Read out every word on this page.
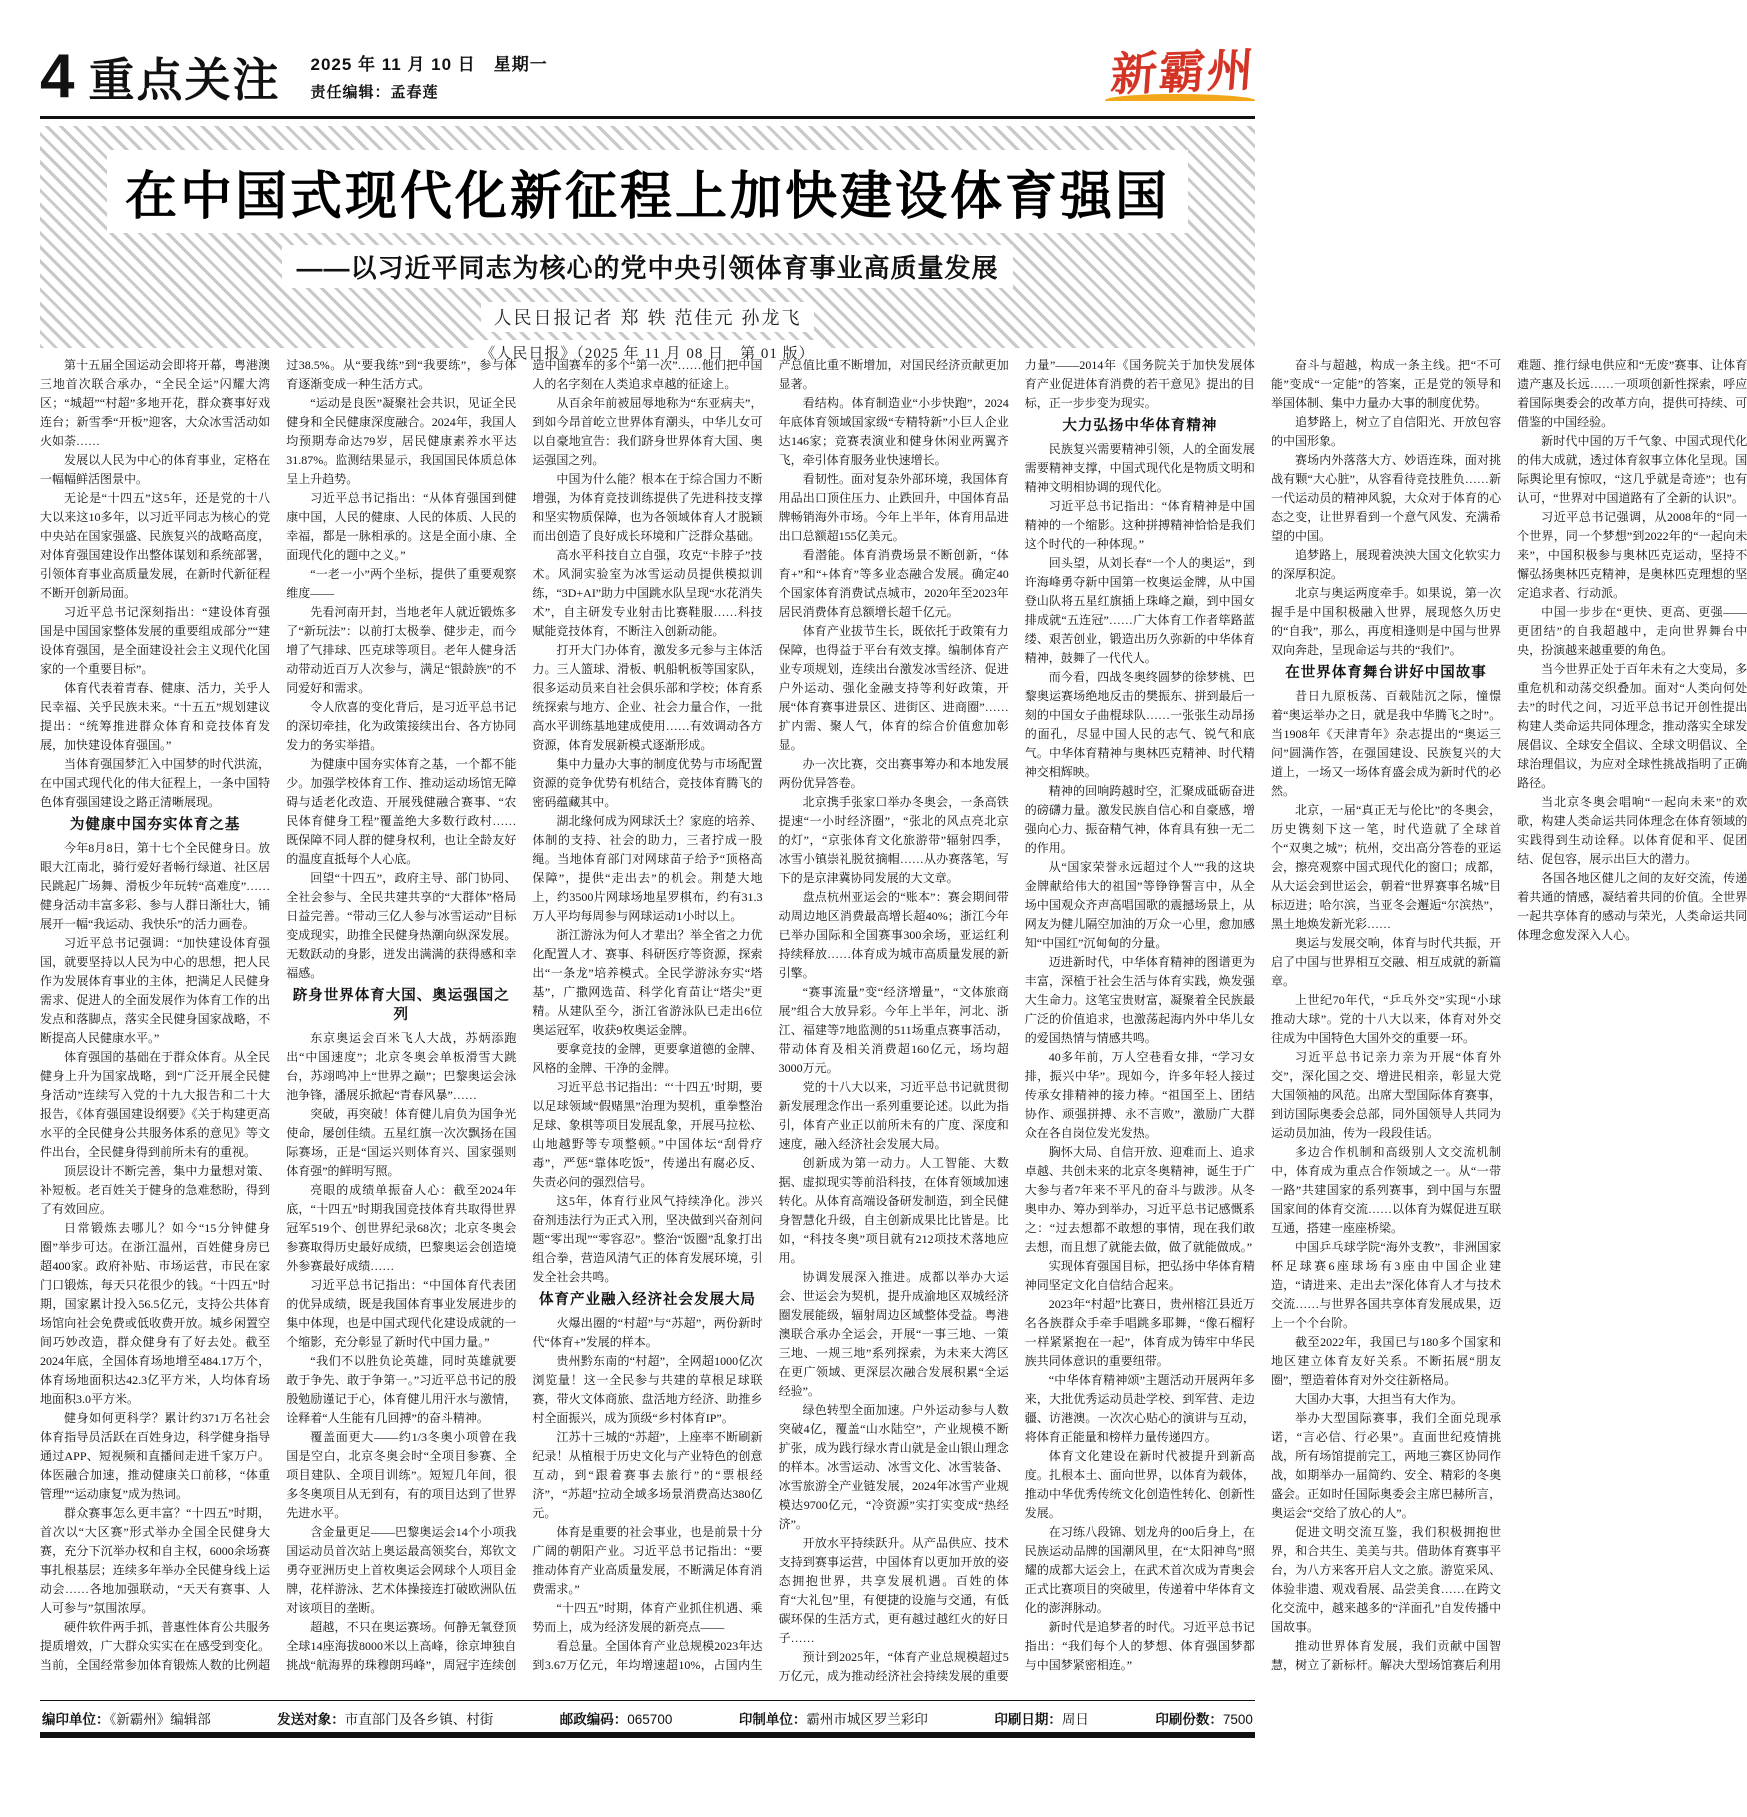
4 重点关注 2025 年 11 月 10 日　星期一
责任编辑：孟春莲	新霸州
在中国式现代化新征程上加快建设体育强国
——以习近平同志为核心的党中央引领体育事业高质量发展
人民日报记者 郑 轶 范佳元 孙龙飞
《人民日报》（2025 年 11 月 08 日　第 01 版）

第十五届全国运动会即将开幕，粤港澳三地首次联合承办，“全民全运”闪耀大湾区；“城超”“村超”多地开花，群众赛事好戏连台；新雪季“开板”迎客，大众冰雪活动如火如荼……

发展以人民为中心的体育事业，定格在一幅幅鲜活图景中。

无论是“十四五”这5年，还是党的十八大以来这10多年，以习近平同志为核心的党中央站在国家强盛、民族复兴的战略高度，对体育强国建设作出整体谋划和系统部署，引领体育事业高质量发展，在新时代新征程不断开创新局面。

习近平总书记深刻指出：“建设体育强国是中国国家整体发展的重要组成部分”“建设体育强国，是全面建设社会主义现代化国家的一个重要目标”。

体育代表着青春、健康、活力，关乎人民幸福、关乎民族未来。“十五五”规划建议提出：“统筹推进群众体育和竞技体育发展，加快建设体育强国。”

当体育强国梦汇入中国梦的时代洪流，在中国式现代化的伟大征程上，一条中国特色体育强国建设之路正清晰展现。

为健康中国夯实体育之基

今年8月8日，第十七个全民健身日。放眼大江南北，骑行爱好者畅行绿道、社区居民跳起广场舞、滑板少年玩转“高难度”……健身活动丰富多彩、参与人群日渐壮大，铺展开一幅“我运动、我快乐”的活力画卷。

习近平总书记强调：“加快建设体育强国，就要坚持以人民为中心的思想，把人民作为发展体育事业的主体，把满足人民健身需求、促进人的全面发展作为体育工作的出发点和落脚点，落实全民健身国家战略，不断提高人民健康水平。”

体育强国的基础在于群众体育。从全民健身上升为国家战略，到“广泛开展全民健身活动”连续写入党的十九大报告和二十大报告，《体育强国建设纲要》《关于构建更高水平的全民健身公共服务体系的意见》等文件出台，全民健身得到前所未有的重视。

顶层设计不断完善，集中力量想对策、补短板。老百姓关于健身的急难愁盼，得到了有效回应。

日常锻炼去哪儿？如今“15分钟健身圈”举步可达。在浙江温州，百姓健身房已超400家。政府补贴、市场运营，市民在家门口锻炼，每天只花很少的钱。“十四五”时期，国家累计投入56.5亿元，支持公共体育场馆向社会免费或低收费开放。城乡闲置空间巧妙改造，群众健身有了好去处。截至2024年底，全国体育场地增至484.17万个，体育场地面积达42.3亿平方米，人均体育场地面积3.0平方米。

健身如何更科学？累计约371万名社会体育指导员活跃在百姓身边，科学健身指导通过APP、短视频和直播间走进千家万户。体医融合加速，推动健康关口前移，“体重管理”“运动康复”成为热词。

群众赛事怎么更丰富？“十四五”时期，首次以“大区赛”形式举办全国全民健身大赛，充分下沉举办权和自主权，6000余场赛事扎根基层；连续多年举办全民健身线上运动会……各地加强联动，“天天有赛事、人人可参与”氛围浓厚。

硬件软件两手抓，普惠性体育公共服务提质增效，广大群众实实在在感受到变化。当前，全国经常参加体育锻炼人数的比例超过38.5%。从“要我练”到“我要练”，参与体育逐渐变成一种生活方式。

“运动是良医”凝聚社会共识，见证全民健身和全民健康深度融合。2024年，我国人均预期寿命达79岁，居民健康素养水平达31.87%。监测结果显示，我国国民体质总体呈上升趋势。

习近平总书记指出：“从体育强国到健康中国，人民的健康、人民的体质、人民的幸福，都是一脉相承的。这是全面小康、全面现代化的题中之义。”

“一老一小”两个坐标，提供了重要观察维度——

先看河南开封，当地老年人就近锻炼多了“新玩法”：以前打太极拳、健步走，而今增了气排球、匹克球等项目。老年人健身活动带动近百万人次参与，满足“银龄族”的不同爱好和需求。

令人欣喜的变化背后，是习近平总书记的深切牵挂，化为政策接续出台、各方协同发力的务实举措。

为健康中国夯实体育之基，一个都不能少。加强学校体育工作、推动运动场馆无障碍与适老化改造、开展残健融合赛事、“农民体育健身工程”覆盖绝大多数行政村……既保障不同人群的健身权利，也让全龄友好的温度直抵每个人心底。

回望“十四五”，政府主导、部门协同、全社会参与、全民共建共享的“大群体”格局日益完善。“带动三亿人参与冰雪运动”目标变成现实，助推全民健身热潮向纵深发展。无数跃动的身影，迸发出满满的获得感和幸福感。

跻身世界体育大国、奥运强国之列

东京奥运会百米飞人大战，苏炳添跑出“中国速度”；北京冬奥会单板滑雪大跳台，苏翊鸣冲上“世界之巅”；巴黎奥运会泳池争锋，潘展乐掀起“青春风暴”……

突破，再突破！体育健儿肩负为国争光使命，屡创佳绩。五星红旗一次次飘扬在国际赛场，正是“国运兴则体育兴、国家强则体育强”的鲜明写照。

亮眼的成绩单振奋人心：截至2024年底，“十四五”时期我国竞技体育共取得世界冠军519个、创世界纪录68次；北京冬奥会参赛取得历史最好成绩，巴黎奥运会创造境外参赛最好成绩……

习近平总书记指出：“中国体育代表团的优异成绩，既是我国体育事业发展进步的集中体现，也是中国式现代化建设成就的一个缩影，充分彰显了新时代中国力量。”

“我们不以胜负论英雄，同时英雄就要敢于争先、敢于争第一。”习近平总书记的殷殷勉励谨记于心，体育健儿用汗水与激情，诠释着“人生能有几回搏”的奋斗精神。

覆盖面更大——约1/3冬奥小项曾在我国是空白，北京冬奥会时“全项目参赛、全项目建队、全项目训练”。短短几年间，很多冬奥项目从无到有，有的项目达到了世界先进水平。

含金量更足——巴黎奥运会14个小项我国运动员首次站上奥运最高领奖台，郑钦文勇夺亚洲历史上首枚奥运会网球个人项目金牌，花样游泳、艺术体操接连打破欧洲队伍对该项目的垄断。

超越，不只在奥运赛场。何静无氧登顶全球14座海拔8000米以上高峰，徐京坤独自挑战“航海界的珠穆朗玛峰”，周冠宇连续创造中国赛车的多个“第一次”……他们把中国人的名字刻在人类追求卓越的征途上。

从百余年前被屈辱地称为“东亚病夫”，到如今昂首屹立世界体育潮头，中华儿女可以自豪地宣告：我们跻身世界体育大国、奥运强国之列。

中国为什么能？根本在于综合国力不断增强，为体育竞技训练提供了先进科技支撑和坚实物质保障，也为各领域体育人才脱颖而出创造了良好成长环境和广泛群众基础。

高水平科技自立自强，攻克“卡脖子”技术。风洞实验室为冰雪运动员提供模拟训练，“3D+AI”助力中国跳水队呈现“水花消失术”，自主研发专业射击比赛鞋服……科技赋能竞技体育，不断注入创新动能。

打开大门办体育，激发多元参与主体活力。三人篮球、滑板、帆船帆板等国家队，很多运动员来自社会俱乐部和学校；体育系统探索与地方、企业、社会力量合作，一批高水平训练基地建成使用……有效调动各方资源，体育发展新模式逐渐形成。

集中力量办大事的制度优势与市场配置资源的竞争优势有机结合，竞技体育腾飞的密码蕴藏其中。

湖北缘何成为网球沃土？家庭的培养、体制的支持、社会的助力，三者拧成一股绳。当地体育部门对网球苗子给予“顶格高保障”，提供“走出去”的机会。荆楚大地上，约3500片网球场地星罗棋布，约有31.3万人平均每周参与网球运动1小时以上。

浙江游泳为何人才辈出？举全省之力优化配置人才、赛事、科研医疗等资源，探索出“一条龙”培养模式。全民学游泳夯实“塔基”，广撒网选苗、科学化育苗让“塔尖”更精。从建队至今，浙江省游泳队已走出6位奥运冠军，收获9枚奥运金牌。

要拿竞技的金牌，更要拿道德的金牌、风格的金牌、干净的金牌。

习近平总书记指出：“‘十四五’时期，要以足球领域“假赌黑”治理为契机，重拳整治足球、象棋等项目发展乱象，开展马拉松、山地越野等专项整顿。”中国体坛“刮骨疗毒”，严惩“靠体吃饭”，传递出有腐必反、失责必问的强烈信号。

这5年，体育行业风气持续净化。涉兴奋剂违法行为正式入刑，坚决做到兴奋剂问题“零出现”“零容忍”。整治“饭圈”乱象打出组合拳，营造风清气正的体育发展环境，引发全社会共鸣。

体育产业融入经济社会发展大局

火爆出圈的“村超”与“苏超”，两份新时代“体育+”发展的样本。

贵州黔东南的“村超”，全网超1000亿次浏览量！这一全民参与共建的草根足球联赛，带火文体商旅、盘活地方经济、助推乡村全面振兴，成为顶级“乡村体育IP”。

江苏十三城的“苏超”，上座率不断刷新纪录！从植根于历史文化与产业特色的创意互动，到“跟着赛事去旅行”的“票根经济”，“苏超”拉动全域多场景消费高达380亿元。

体育是重要的社会事业，也是前景十分广阔的朝阳产业。习近平总书记指出：“要推动体育产业高质量发展，不断满足体育消费需求。”

“十四五”时期，体育产业抓住机遇、乘势而上，成为经济发展的新亮点——

看总量。全国体育产业总规模2023年达到3.67万亿元，年均增速超10%，占国内生产总值比重不断增加，对国民经济贡献更加显著。

看结构。体育制造业“小步快跑”，2024年底体育领域国家级“专精特新”小巨人企业达146家；竞赛表演业和健身休闲业两翼齐飞，牵引体育服务业快速增长。

看韧性。面对复杂外部环境，我国体育用品出口顶住压力、止跌回升，中国体育品牌畅销海外市场。今年上半年，体育用品进出口总额超155亿美元。

看潜能。体育消费场景不断创新，“体育+”和“+体育”等多业态融合发展。确定40个国家体育消费试点城市，2020年至2023年居民消费体育总额增长超千亿元。

体育产业拔节生长，既依托于政策有力保障，也得益于平台有效支撑。编制体育产业专项规划，连续出台激发冰雪经济、促进户外运动、强化金融支持等利好政策，开展“体育赛事进景区、进街区、进商圈”……扩内需、聚人气，体育的综合价值愈加彰显。

办一次比赛，交出赛事筹办和本地发展两份优异答卷。

北京携手张家口举办冬奥会，一条高铁提速“一小时经济圈”，“张北的风点亮北京的灯”，“京张体育文化旅游带”辐射四季，冰雪小镇崇礼脱贫摘帽……从办赛落笔，写下的是京津冀协同发展的大文章。

盘点杭州亚运会的“账本”：赛会期间带动周边地区消费最高增长超40%；浙江今年已举办国际和全国赛事300余场，亚运红利持续释放……体育成为城市高质量发展的新引擎。

“赛事流量”变“经济增量”，“文体旅商展”组合大放异彩。今年上半年，河北、浙江、福建等7地监测的511场重点赛事活动，带动体育及相关消费超160亿元，场均超3000万元。

党的十八大以来，习近平总书记就贯彻新发展理念作出一系列重要论述。以此为指引，体育产业正以前所未有的广度、深度和速度，融入经济社会发展大局。

创新成为第一动力。人工智能、大数据、虚拟现实等前沿科技，在体育领域加速转化。从体育高端设备研发制造，到全民健身智慧化升级，自主创新成果比比皆是。比如，“科技冬奥”项目就有212项技术落地应用。

协调发展深入推进。成都以举办大运会、世运会为契机，提升成渝地区双城经济圈发展能级，辐射周边区域整体受益。粤港澳联合承办全运会，开展“一事三地、一策三地、一规三地”系列探索，为未来大湾区在更广领域、更深层次融合发展积累“全运经验”。

绿色转型全面加速。户外运动参与人数突破4亿，覆盖“山水陆空”，产业规模不断扩张，成为践行绿水青山就是金山银山理念的样本。冰雪运动、冰雪文化、冰雪装备、冰雪旅游全产业链发展，2024年冰雪产业规模达9700亿元，“冷资源”实打实变成“热经济”。

开放水平持续跃升。从产品供应、技术支持到赛事运营，中国体育以更加开放的姿态拥抱世界，共享发展机遇。百姓的体育“大礼包”里，有便捷的设施与交通，有低碳环保的生活方式，更有越过越红火的好日子……

预计到2025年，“体育产业总规模超过5万亿元，成为推动经济社会持续发展的重要力量”——2014年《国务院关于加快发展体育产业促进体育消费的若干意见》提出的目标，正一步步变为现实。

大力弘扬中华体育精神

民族复兴需要精神引领，人的全面发展需要精神支撑，中国式现代化是物质文明和精神文明相协调的现代化。

习近平总书记指出：“体育精神是中国精神的一个缩影。这种拼搏精神恰恰是我们这个时代的一种体现。”

回头望，从刘长春“一个人的奥运”，到许海峰勇夺新中国第一枚奥运金牌，从中国登山队将五星红旗插上珠峰之巅，到中国女排成就“五连冠”……广大体育工作者筚路蓝缕、艰苦创业，锻造出历久弥新的中华体育精神，鼓舞了一代代人。

而今看，四战冬奥终圆梦的徐梦桃、巴黎奥运赛场绝地反击的樊振东、拼到最后一刻的中国女子曲棍球队……一张张生动昂扬的面孔，尽显中国人民的志气、锐气和底气。中华体育精神与奥林匹克精神、时代精神交相辉映。

精神的回响跨越时空，汇聚成砥砺奋进的磅礴力量。激发民族自信心和自豪感，增强向心力、振奋精气神，体育具有独一无二的作用。

从“国家荣誉永远超过个人”“我的这块金牌献给伟大的祖国”等铮铮誓言中，从全场中国观众齐声高唱国歌的震撼场景上，从网友为健儿隔空加油的万众一心里，愈加感知“中国红”沉甸甸的分量。

迈进新时代，中华体育精神的图谱更为丰富，深植于社会生活与体育实践，焕发强大生命力。这笔宝贵财富，凝聚着全民族最广泛的价值追求，也激荡起海内外中华儿女的爱国热情与情感共鸣。

40多年前，万人空巷看女排，“学习女排，振兴中华”。现如今，许多年轻人接过传承女排精神的接力棒。“祖国至上、团结协作、顽强拼搏、永不言败”，激励广大群众在各自岗位发光发热。

胸怀大局、自信开放、迎难而上、追求卓越、共创未来的北京冬奥精神，诞生于广大参与者7年来不平凡的奋斗与跋涉。从冬奥申办、筹办到举办，习近平总书记感慨系之：“过去想都不敢想的事情，现在我们敢去想，而且想了就能去做，做了就能做成。”

实现体育强国目标，把弘扬中华体育精神同坚定文化自信结合起来。

2023年“村超”比赛日，贵州榕江县近万名各族群众手牵手唱跳多耶舞，“像石榴籽一样紧紧抱在一起”，体育成为铸牢中华民族共同体意识的重要纽带。

“中华体育精神颂”主题活动开展两年多来，大批优秀运动员赴学校、到军营、走边疆、访港澳。一次次心贴心的演讲与互动，将体育正能量和榜样力量传递四方。

体育文化建设在新时代被提升到新高度。扎根本土、面向世界，以体育为载体，推动中华优秀传统文化创造性转化、创新性发展。

在习练八段锦、划龙舟的00后身上，在民族运动品牌的国潮风里，在“太阳神鸟”照耀的成都大运会上，在武术首次成为青奥会正式比赛项目的突破里，传递着中华体育文化的澎湃脉动。

新时代是追梦者的时代。习近平总书记指出：“我们每个人的梦想、体育强国梦都与中国梦紧密相连。”

奋斗与超越，构成一条主线。把“不可能”变成“一定能”的答案，正是党的领导和举国体制、集中力量办大事的制度优势。

追梦路上，树立了自信阳光、开放包容的中国形象。

赛场内外落落大方、妙语连珠，面对挑战有颗“大心脏”，从容看待竞技胜负……新一代运动员的精神风貌，大众对于体育的心态之变，让世界看到一个意气风发、充满希望的中国。

追梦路上，展现着泱泱大国文化软实力的深厚积淀。

北京与奥运两度牵手。如果说，第一次握手是中国积极融入世界，展现悠久历史的“自我”，那么，再度相逢则是中国与世界双向奔赴，呈现命运与共的“我们”。

在世界体育舞台讲好中国故事

昔日九原板荡、百载陆沉之际，憧憬着“奥运举办之日，就是我中华腾飞之时”。当1908年《天津青年》杂志提出的“奥运三问”圆满作答，在强国建设、民族复兴的大道上，一场又一场体育盛会成为新时代的必然。

北京，一届“真正无与伦比”的冬奥会，历史镌刻下这一笔，时代造就了全球首个“双奥之城”；杭州，交出高分答卷的亚运会，擦亮观察中国式现代化的窗口；成都，从大运会到世运会，朝着“世界赛事名城”目标迈进；哈尔滨，当亚冬会邂逅“尔滨热”，黑土地焕发新光彩……

奥运与发展交响，体育与时代共振，开启了中国与世界相互交融、相互成就的新篇章。

上世纪70年代，“乒乓外交”实现“小球推动大球”。党的十八大以来，体育对外交往成为中国特色大国外交的重要一环。

习近平总书记亲力亲为开展“体育外交”，深化国之交、增进民相亲，彰显大党大国领袖的风范。出席大型国际体育赛事，到访国际奥委会总部，同外国领导人共同为运动员加油，传为一段段佳话。

多边合作机制和高级别人文交流机制中，体育成为重点合作领域之一。从“一带一路”共建国家的系列赛事，到中国与东盟国家间的体育交流……以体育为媒促进互联互通，搭建一座座桥梁。

中国乒乓球学院“海外支教”，非洲国家杯足球赛6座球场有3座由中国企业建造，“请进来、走出去”深化体育人才与技术交流……与世界各国共享体育发展成果，迈上一个个台阶。

截至2022年，我国已与180多个国家和地区建立体育友好关系。不断拓展“朋友圈”，塑造着体育对外交往新格局。

大国办大事，大担当有大作为。

举办大型国际赛事，我们全面兑现承诺，“言必信、行必果”。直面世纪疫情挑战，所有场馆提前完工，两地三赛区协同作战，如期举办一届简约、安全、精彩的冬奥盛会。正如时任国际奥委会主席巴赫所言，奥运会“交给了放心的人”。

促进文明交流互鉴，我们积极拥抱世界，和合共生、美美与共。借助体育赛事平台，为八方来客开启人文之旅。游览采风、体验非遗、观戏看展、品尝美食……在跨文化交流中，越来越多的“洋面孔”自发传播中国故事。

推动世界体育发展，我们贡献中国智慧，树立了新标杆。解决大型场馆赛后利用难题、推行绿电供应和“无废”赛事、让体育遗产惠及长远……一项项创新性探索，呼应着国际奥委会的改革方向，提供可持续、可借鉴的中国经验。

新时代中国的万千气象、中国式现代化的伟大成就，透过体育叙事立体化呈现。国际舆论里有惊叹，“这几乎就是奇迹”；也有认可，“世界对中国道路有了全新的认识”。

习近平总书记强调，从2008年的“同一个世界，同一个梦想”到2022年的“一起向未来”，中国积极参与奥林匹克运动，坚持不懈弘扬奥林匹克精神，是奥林匹克理想的坚定追求者、行动派。

中国一步步在“更快、更高、更强——更团结”的自我超越中，走向世界舞台中央，扮演越来越重要的角色。

当今世界正处于百年未有之大变局，多重危机和动荡交织叠加。面对“人类向何处去”的时代之问，习近平总书记开创性提出构建人类命运共同体理念，推动落实全球发展倡议、全球安全倡议、全球文明倡议、全球治理倡议，为应对全球性挑战指明了正确路径。

当北京冬奥会唱响“一起向未来”的欢歌，构建人类命运共同体理念在体育领域的实践得到生动诠释。以体育促和平、促团结、促包容，展示出巨大的潜力。

各国各地区健儿之间的友好交流，传递着共通的情感，凝结着共同的价值。全世界一起共享体育的感动与荣光，人类命运共同体理念愈发深入人心。

编印单位：《新霸州》编辑部	发送对象：市直部门及各乡镇、村街	邮政编码：065700	印制单位：霸州市城区罗兰彩印	印刷日期：周日	印刷份数：7500
